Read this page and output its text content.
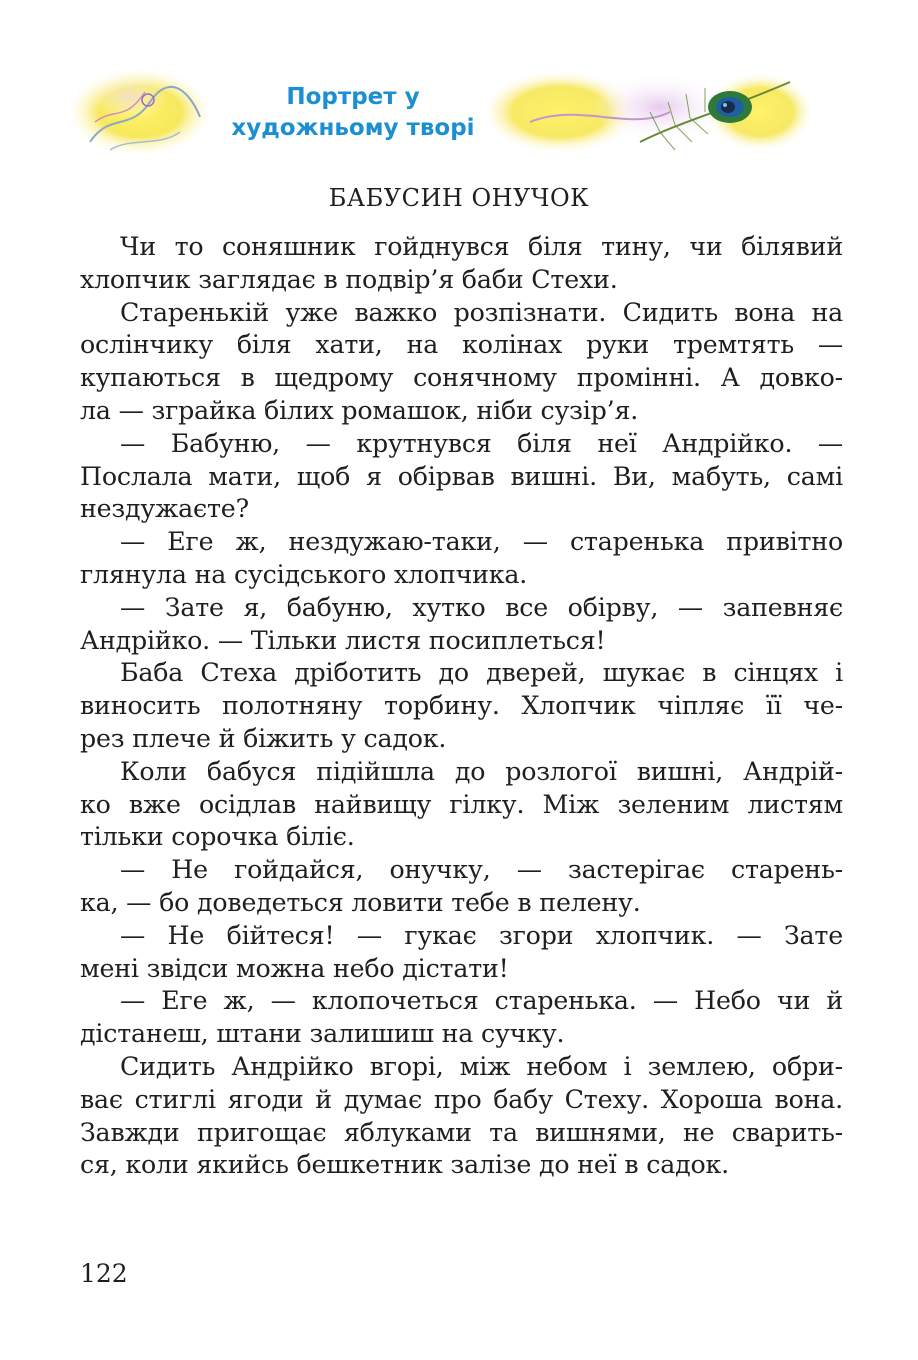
Портрет у
художньому творі
БАБУСИН ОНУЧОК
Чи то соняшник гойднувся біля тину, чи білявий
хлопчик заглядає в подвір’я баби Стехи.
Старенькій уже важко розпізнати. Сидить вона на
ослінчику біля хати, на колінах руки тремтять —
купаються в щедрому сонячному промінні. А довко-
ла — зграйка білих ромашок, ніби сузір’я.
— Бабуню, — крутнувся біля неї Андрійко. —
Послала мати, щоб я обірвав вишні. Ви, мабуть, самі
нездужаєте?
— Еге ж, нездужаю-таки, — старенька привітно
глянула на сусідського хлопчика.
— Зате я, бабуню, хутко все обірву, — запевняє
Андрійко. — Тільки листя посиплеться!
Баба Стеха дріботить до дверей, шукає в сінцях і
виносить полотняну торбину. Хлопчик чіпляє її че-
рез плече й біжить у садок.
Коли бабуся підійшла до розлогої вишні, Андрій-
ко вже осідлав найвищу гілку. Між зеленим листям
тільки сорочка біліє.
— Не гойдайся, онучку, — застерігає старень-
ка, — бо доведеться ловити тебе в пелену.
— Не бійтеся! — гукає згори хлопчик. — Зате
мені звідси можна небо дістати!
— Еге ж, — клопочеться старенька. — Небо чи й
дістанеш, штани залишиш на сучку.
Сидить Андрійко вгорі, між небом і землею, обри-
ває стиглі ягоди й думає про бабу Стеху. Хороша вона.
Завжди пригощає яблуками та вишнями, не сварить-
ся, коли якийсь бешкетник залізе до неї в садок.
122
